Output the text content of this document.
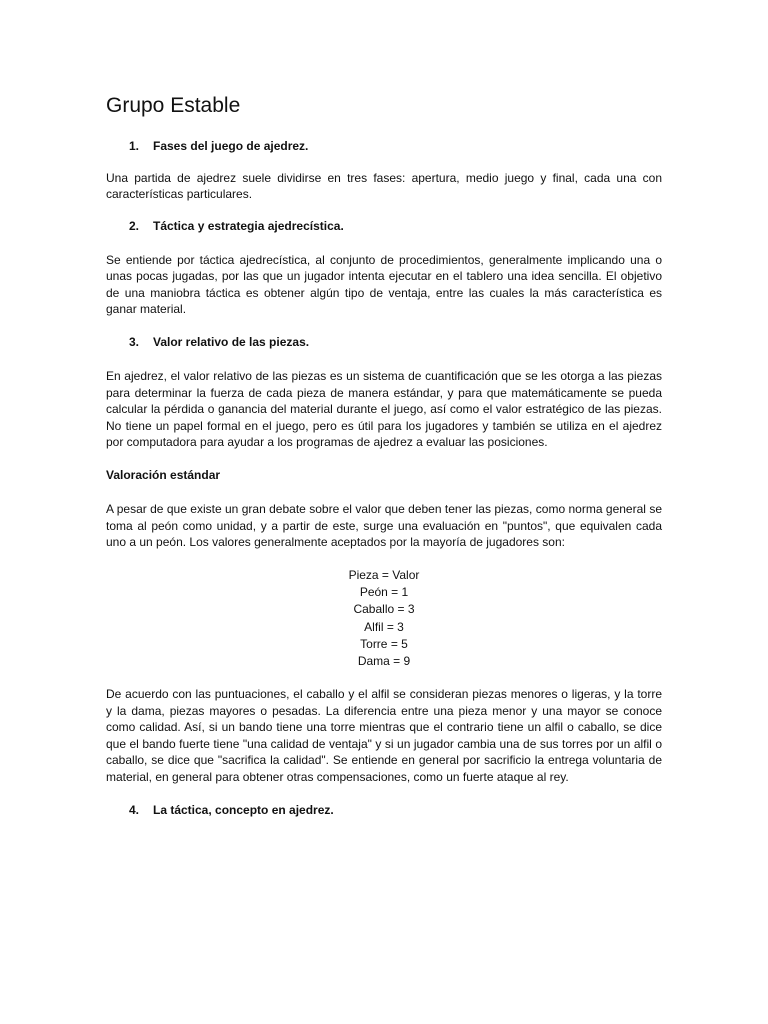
Grupo Estable
1.	Fases del juego de ajedrez.

Una partida de ajedrez suele dividirse en tres fases: apertura, medio juego y final, cada una con características particulares.

2.	Táctica y estrategia ajedrecística.

Se entiende por táctica ajedrecística, al conjunto de procedimientos, generalmente implicando una o unas pocas jugadas, por las que un jugador intenta ejecutar en el tablero una idea sencilla. El objetivo de una maniobra táctica es obtener algún tipo de ventaja, entre las cuales la más característica es ganar material.

3.	Valor relativo de las piezas.

En ajedrez, el valor relativo de las piezas es un sistema de cuantificación que se les otorga a las piezas para determinar la fuerza de cada pieza de manera estándar, y para que matemáticamente se pueda calcular la pérdida o ganancia del material durante el juego, así como el valor estratégico de las piezas. No tiene un papel formal en el juego, pero es útil para los jugadores y también se utiliza en el ajedrez por computadora para ayudar a los programas de ajedrez a evaluar las posiciones.

Valoración estándar

A pesar de que existe un gran debate sobre el valor que deben tener las piezas, como norma general se toma al peón como unidad, y a partir de este, surge una evaluación en "puntos", que equivalen cada uno a un peón. Los valores generalmente aceptados por la mayoría de jugadores son:

Pieza = Valor
Peón = 1
Caballo = 3
Alfil = 3
Torre = 5
Dama = 9

De acuerdo con las puntuaciones, el caballo y el alfil se consideran piezas menores o ligeras, y la torre y la dama, piezas mayores o pesadas. La diferencia entre una pieza menor y una mayor se conoce como calidad. Así, si un bando tiene una torre mientras que el contrario tiene un alfil o caballo, se dice que el bando fuerte tiene "una calidad de ventaja" y si un jugador cambia una de sus torres por un alfil o caballo, se dice que "sacrifica la calidad". Se entiende en general por sacrificio la entrega voluntaria de material, en general para obtener otras compensaciones, como un fuerte ataque al rey.

4.	La táctica, concepto en ajedrez.
